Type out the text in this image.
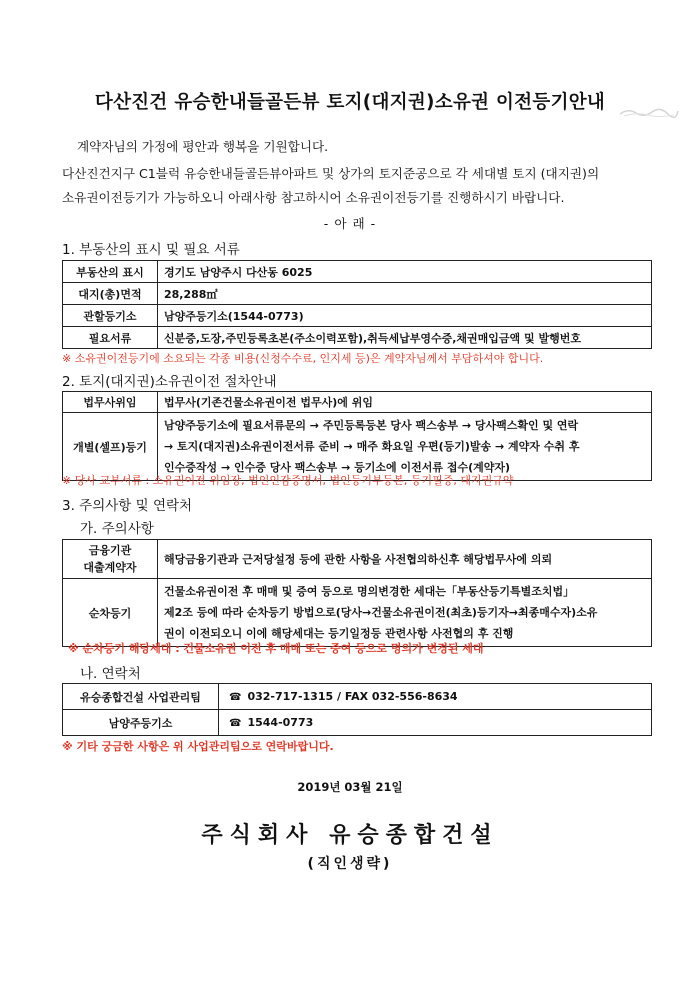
다산진건 유승한내들골든뷰 토지(대지권)소유권 이전등기안내
계약자님의 가정에 평안과 행복을 기원합니다.
다산진건지구 C1블럭 유승한내들골든뷰아파트 및 상가의 토지준공으로 각 세대별 토지 (대지권)의
소유권이전등기가 가능하오니 아래사항 참고하시어 소유권이전등기를 진행하시기 바랍니다.
- 아 래 -
1. 부동산의 표시 및 필요 서류
부동산의 표시	경기도 남양주시 다산동 6025
대지(총)면적	28,288㎡
관할등기소	남양주등기소(1544-0773)
필요서류	신분증,도장,주민등록초본(주소이력포함),취득세납부영수증,채권매입금액 및 발행번호
※ 소유권이전등기에 소요되는 각종 비용(신청수수료, 인지세 등)은 계약자님께서 부담하셔야 합니다.
2. 토지(대지권)소유권이전 절차안내
법무사위임	법무사(기존건물소유권이전 법무사)에 위임
개별(셀프)등기	남양주등기소에 필요서류문의 → 주민등록등본 당사 팩스송부 → 당사팩스확인 및 연락
→ 토지(대지권)소유권이전서류 준비 → 매주 화요일 우편(등기)발송 → 계약자 수취 후
인수증작성 → 인수증 당사 팩스송부 → 등기소에 이전서류 접수(계약자)
※ 당사 교부서류 : 소유권이전 위임장, 법인인감증명서, 법인등기부등본, 등기필증, 대지권규약
3. 주의사항 및 연락처
가. 주의사항
금융기관
대출계약자	해당금융기관과 근저당설정 등에 관한 사항을 사전협의하신후 해당법무사에 의뢰
순차등기	건물소유권이전 후 매매 및 증여 등으로 명의변경한 세대는「부동산등기특별조치법」
제2조 등에 따라 순차등기 방법으로(당사→건물소유권이전(최초)등기자→최종매수자)소유
권이 이전되오니 이에 해당세대는 등기일정등 관련사항 사전협의 후 진행
※ 순차등기 해당세대 : 건물소유권 이전 후 매매 또는 증여 등으로 명의가 변경된 세대
나. 연락처
유승종합건설 사업관리팀	☎ 032-717-1315 / FAX 032-556-8634
남양주등기소	☎ 1544-0773
※ 기타 궁금한 사항은 위 사업관리팀으로 연락바랍니다.
2019년 03월 21일
주식회사 유승종합건설
(직인생략)
